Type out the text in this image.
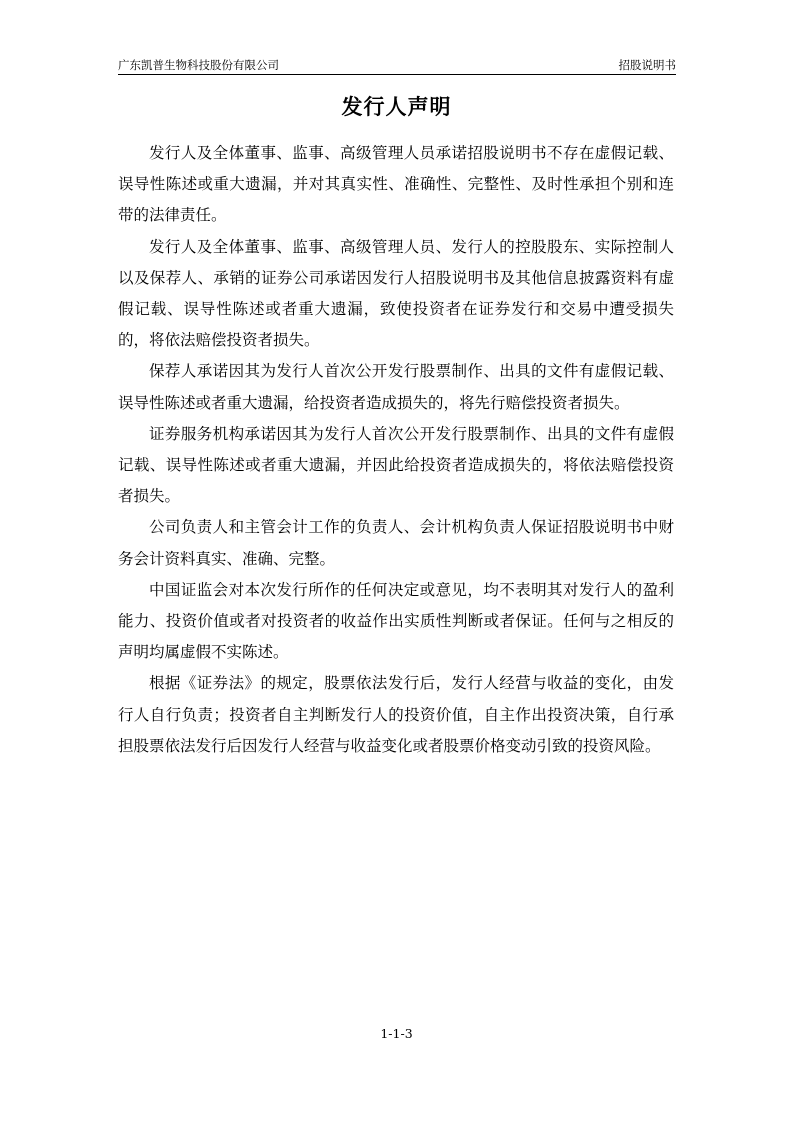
广东凯普生物科技股份有限公司	招股说明书
发行人声明

发行人及全体董事、监事、高级管理人员承诺招股说明书不存在虚假记载、误导性陈述或重大遗漏，并对其真实性、准确性、完整性、及时性承担个别和连带的法律责任。

发行人及全体董事、监事、高级管理人员、发行人的控股股东、实际控制人以及保荐人、承销的证券公司承诺因发行人招股说明书及其他信息披露资料有虚假记载、误导性陈述或者重大遗漏，致使投资者在证券发行和交易中遭受损失的，将依法赔偿投资者损失。

保荐人承诺因其为发行人首次公开发行股票制作、出具的文件有虚假记载、误导性陈述或者重大遗漏，给投资者造成损失的，将先行赔偿投资者损失。

证券服务机构承诺因其为发行人首次公开发行股票制作、出具的文件有虚假记载、误导性陈述或者重大遗漏，并因此给投资者造成损失的，将依法赔偿投资者损失。

公司负责人和主管会计工作的负责人、会计机构负责人保证招股说明书中财务会计资料真实、准确、完整。

中国证监会对本次发行所作的任何决定或意见，均不表明其对发行人的盈利能力、投资价值或者对投资者的收益作出实质性判断或者保证。任何与之相反的声明均属虚假不实陈述。

根据《证券法》的规定，股票依法发行后，发行人经营与收益的变化，由发行人自行负责；投资者自主判断发行人的投资价值，自主作出投资决策，自行承担股票依法发行后因发行人经营与收益变化或者股票价格变动引致的投资风险。

1-1-3
